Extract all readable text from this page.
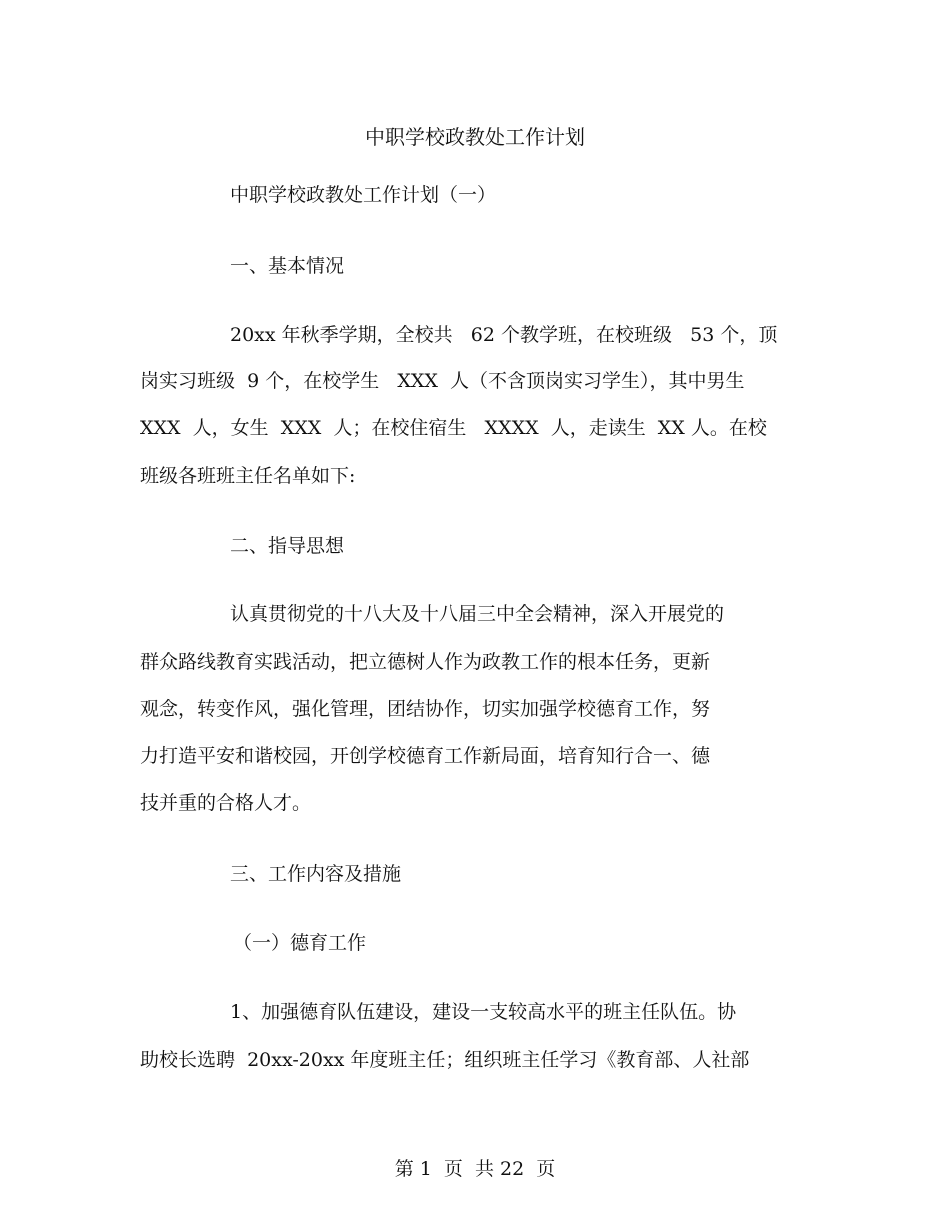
中职学校政教处工作计划
中职学校政教处工作计划（一）
一、基本情况
20xx 年秋季学期，全校共   62 个教学班，在校班级   53 个，顶
岗实习班级  9 个，在校学生   XXX  人（不含顶岗实习学生），其中男生
XXX  人，女生  XXX  人；在校住宿生   XXXX  人，走读生  XX 人。在校
班级各班班主任名单如下:
二、指导思想
认真贯彻党的十八大及十八届三中全会精神，深入开展党的
群众路线教育实践活动，把立德树人作为政教工作的根本任务，更新
观念，转变作风，强化管理，团结协作，切实加强学校德育工作，努
力打造平安和谐校园，开创学校德育工作新局面，培育知行合一、德
技并重的合格人才。
三、工作内容及措施
（一）德育工作
1、加强德育队伍建设，建设一支较高水平的班主任队伍。协
助校长选聘  20xx-20xx 年度班主任；组织班主任学习《教育部、人社部
第 1  页  共 22  页
